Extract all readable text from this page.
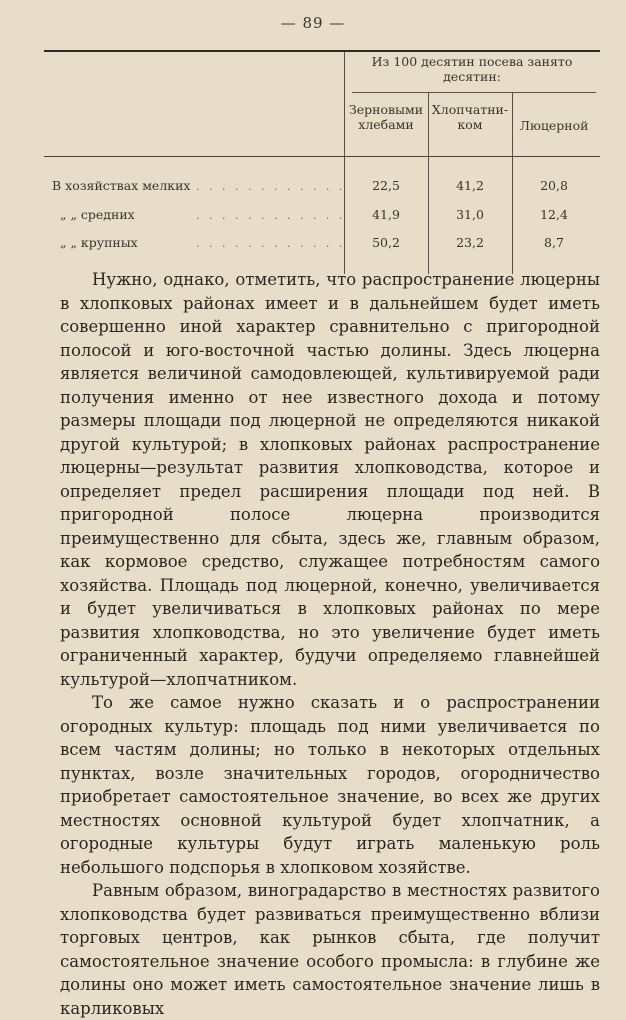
— 89 —
Из 100 десятин посева занято десятин:
Зерновыми хлебами
Хлопчатни- ком	Люцерной
В хозяйствах мелких . . . . . . . . . . . .	22,5	41,2	20,8
„ „ средних	. . . . . . . . . . . .	41,9	31,0	12,4
„ „ крупных	. . . . . . . . . . . .	50,2	23,2	8,7

Нужно, однако, отметить, что распространение люцерны в хлопковых районах имеет и в дальнейшем будет иметь совершенно иной характер сравнительно с пригородной полосой и юго-восточной частью долины. Здесь люцерна является величиной самодовлеющей, культивируемой ради получения именно от нее известного дохода и потому размеры площади под люцерной не определяются никакой другой культурой; в хлопковых районах распространение люцерны—результат развития хлопководства, которое и определяет предел расширения площади под ней. В пригородной полосе люцерна производится преимущественно для сбыта, здесь же, главным образом, как кормовое средство, служащее потребностям самого хозяйства. Площадь под люцерной, конечно, увеличивается и будет увеличиваться в хлопковых районах по мере развития хлопководства, но это увеличение будет иметь ограниченный характер, будучи определяемо главнейшей культурой—хлопчатником.

То же самое нужно сказать и о распространении огородных культур: площадь под ними увеличивается по всем частям долины; но только в некоторых отдельных пунктах, возле значительных городов, огородничество приобретает самостоятельное значение, во всех же других местностях основной культурой будет хлопчатник, а огородные культуры будут играть маленькую роль небольшого подспорья в хлопковом хозяйстве.

Равным образом, виноградарство в местностях развитого хлопководства будет развиваться преимущественно вблизи торговых центров, как рынков сбыта, где получит самостоятельное значение особого промысла: в глубине же долины оно может иметь самостоятельное значение лишь в карликовых
